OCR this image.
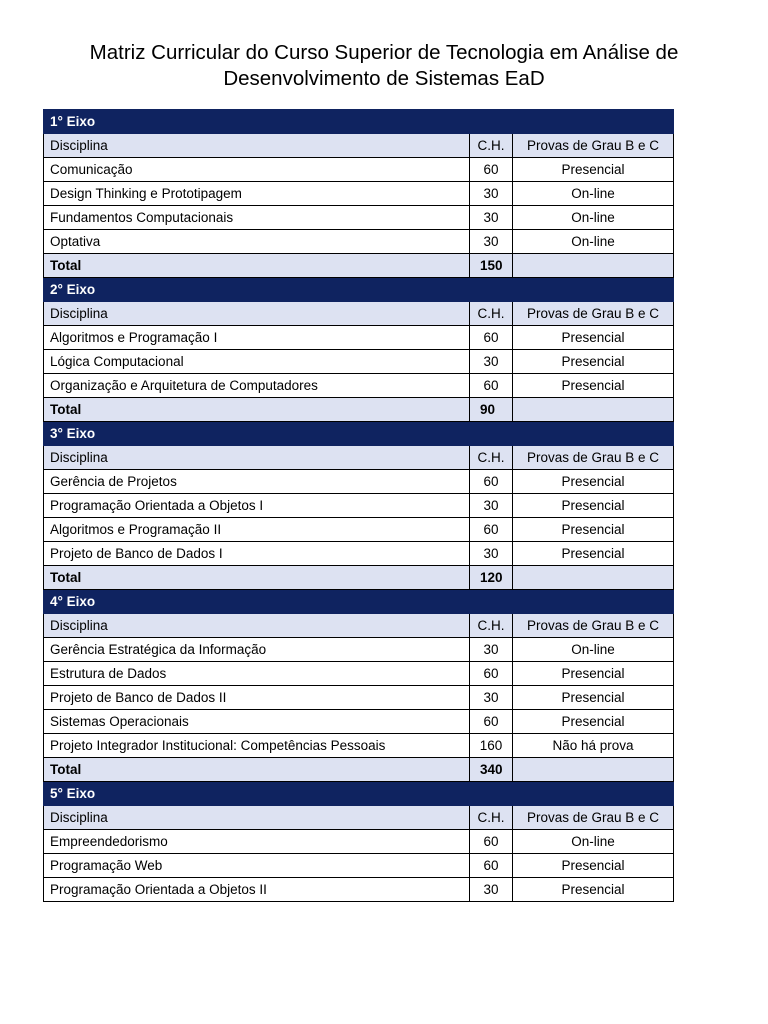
Matriz Curricular do Curso Superior de Tecnologia em Análise de
Desenvolvimento de Sistemas EaD
1° Eixo		
Disciplina	C.H.	Provas de Grau B e C
Comunicação	60	Presencial
Design Thinking e Prototipagem	30	On-line
Fundamentos Computacionais	30	On-line
Optativa	30	On-line
Total	150	
2° Eixo		
Disciplina	C.H.	Provas de Grau B e C
Algoritmos e Programação I	60	Presencial
Lógica Computacional	30	Presencial
Organização e Arquitetura de Computadores	60	Presencial
Total	90	
3° Eixo		
Disciplina	C.H.	Provas de Grau B e C
Gerência de Projetos	60	Presencial
Programação Orientada a Objetos I	30	Presencial
Algoritmos e Programação II	60	Presencial
Projeto de Banco de Dados I	30	Presencial
Total	120	
4° Eixo		
Disciplina	C.H.	Provas de Grau B e C
Gerência Estratégica da Informação	30	On-line
Estrutura de Dados	60	Presencial
Projeto de Banco de Dados II	30	Presencial
Sistemas Operacionais	60	Presencial
Projeto Integrador Institucional: Competências Pessoais	160	Não há prova
Total	340	
5° Eixo		
Disciplina	C.H.	Provas de Grau B e C
Empreendedorismo	60	On-line
Programação Web	60	Presencial
Programação Orientada a Objetos II	30	Presencial
